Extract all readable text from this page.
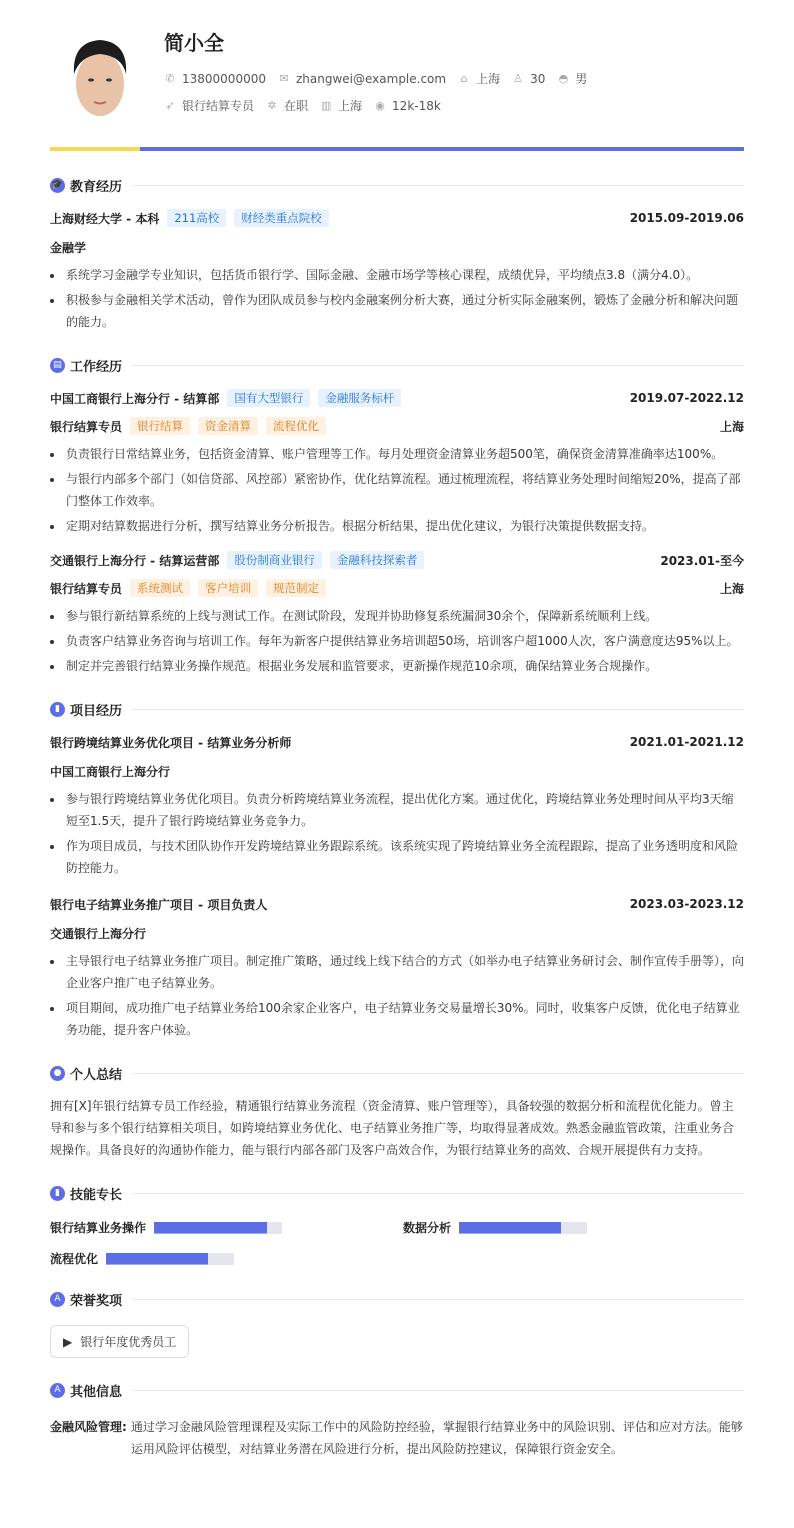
简小全
✆ 13800000000 ✉ zhangwei@example.com ⌂ 上海 ♙ 30 ◓ 男
➶ 银行结算专员 ✲ 在职 ▥ 上海 ◉ 12k-18k
🎓 教育经历
上海财经大学 - 本科	211高校	财经类重点院校	2015.09-2019.06
金融学
系统学习金融学专业知识，包括货币银行学、国际金融、金融市场学等核心课程，成绩优异，平均绩点3.8（满分4.0）。
积极参与金融相关学术活动，曾作为团队成员参与校内金融案例分析大赛，通过分析实际金融案例，锻炼了金融分析和解决问题的能力。
▤ 工作经历
中国工商银行上海分行 - 结算部	国有大型银行	金融服务标杆	2019.07-2022.12
银行结算专员	银行结算	资金清算	流程优化	上海
负责银行日常结算业务，包括资金清算、账户管理等工作。每月处理资金清算业务超500笔，确保资金清算准确率达100%。
与银行内部多个部门（如信贷部、风控部）紧密协作，优化结算流程。通过梳理流程，将结算业务处理时间缩短20%，提高了部门整体工作效率。
定期对结算数据进行分析，撰写结算业务分析报告。根据分析结果，提出优化建议，为银行决策提供数据支持。
交通银行上海分行 - 结算运营部	股份制商业银行	金融科技探索者	2023.01-至今
银行结算专员	系统测试	客户培训	规范制定	上海
参与银行新结算系统的上线与测试工作。在测试阶段，发现并协助修复系统漏洞30余个，保障新系统顺利上线。
负责客户结算业务咨询与培训工作。每年为新客户提供结算业务培训超50场，培训客户超1000人次，客户满意度达95%以上。
制定并完善银行结算业务操作规范。根据业务发展和监管要求，更新操作规范10余项，确保结算业务合规操作。
▮ 项目经历
银行跨境结算业务优化项目 - 结算业务分析师	2021.01-2021.12
中国工商银行上海分行
参与银行跨境结算业务优化项目。负责分析跨境结算业务流程，提出优化方案。通过优化，跨境结算业务处理时间从平均3天缩短至1.5天，提升了银行跨境结算业务竞争力。
作为项目成员，与技术团队协作开发跨境结算业务跟踪系统。该系统实现了跨境结算业务全流程跟踪，提高了业务透明度和风险防控能力。
银行电子结算业务推广项目 - 项目负责人	2023.03-2023.12
交通银行上海分行
主导银行电子结算业务推广项目。制定推广策略，通过线上线下结合的方式（如举办电子结算业务研讨会、制作宣传手册等），向企业客户推广电子结算业务。
项目期间，成功推广电子结算业务给100余家企业客户，电子结算业务交易量增长30%。同时，收集客户反馈，优化电子结算业务功能，提升客户体验。
● 个人总结
拥有[X]年银行结算专员工作经验，精通银行结算业务流程（资金清算、账户管理等），具备较强的数据分析和流程优化能力。曾主导和参与多个银行结算相关项目，如跨境结算业务优化、电子结算业务推广等，均取得显著成效。熟悉金融监管政策，注重业务合规操作。具备良好的沟通协作能力，能与银行内部各部门及客户高效合作，为银行结算业务的高效、合规开展提供有力支持。
▮ 技能专长
银行结算业务操作	数据分析
流程优化
A 荣誉奖项
▶ 银行年度优秀员工
A 其他信息
金融风险管理: 通过学习金融风险管理课程及实际工作中的风险防控经验，掌握银行结算业务中的风险识别、评估和应对方法。能够运用风险评估模型，对结算业务潜在风险进行分析，提出风险防控建议，保障银行资金安全。
